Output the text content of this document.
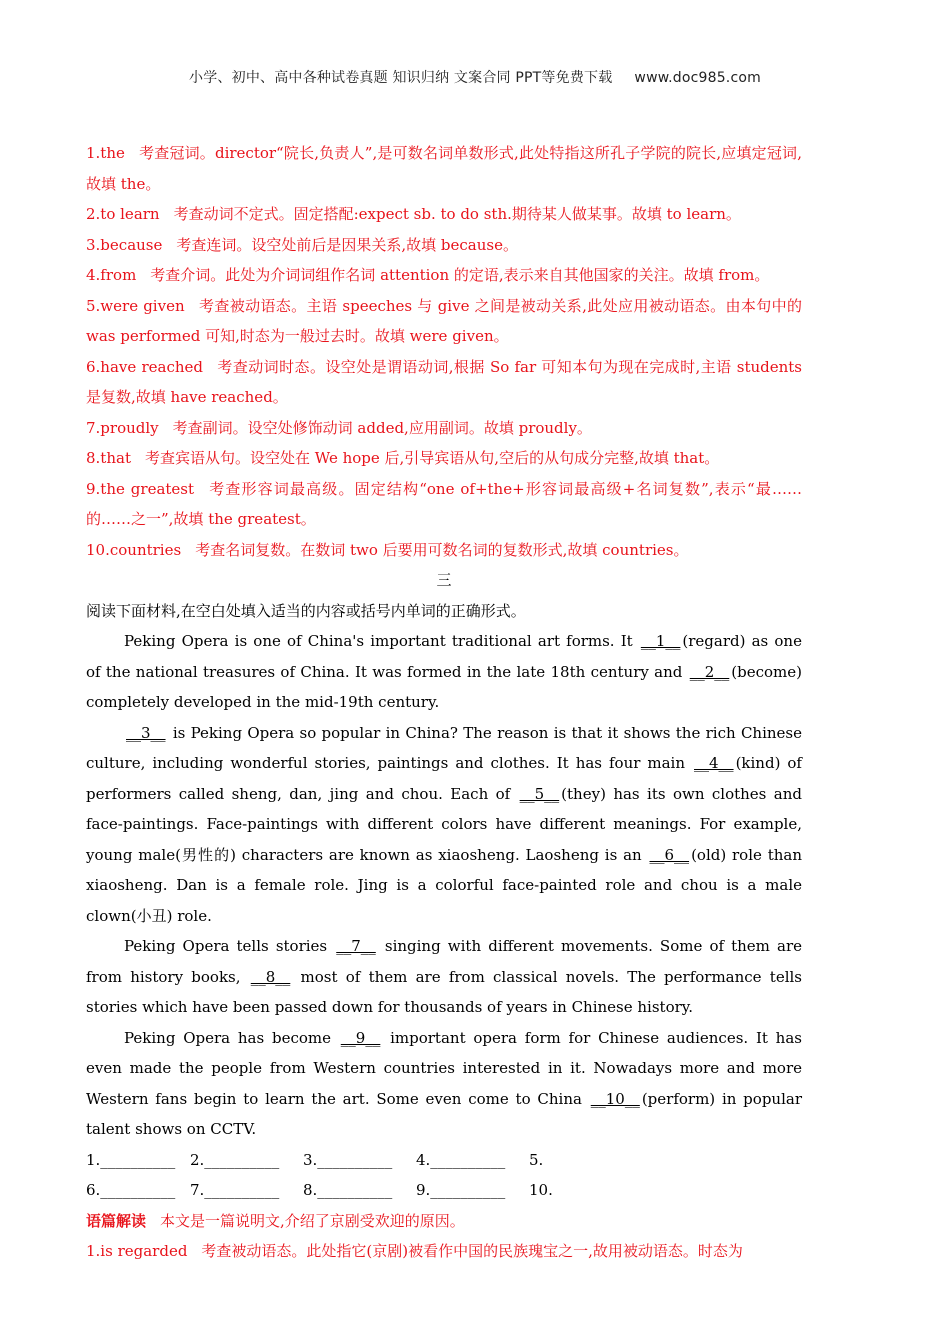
小学、初中、高中各种试卷真题 知识归纳 文案合同 PPT等免费下载 www.doc985.com

1.the 考查冠词。director“院长,负责人”,是可数名词单数形式,此处特指这所孔子学院的院长,应填定冠词,故填 the。

2.to learn 考查动词不定式。固定搭配:expect sb. to do sth.期待某人做某事。故填 to learn。

3.because 考查连词。设空处前后是因果关系,故填 because。

4.from 考查介词。此处为介词词组作名词 attention 的定语,表示来自其他国家的关注。故填 from。

5.were given 考查被动语态。主语 speeches 与 give 之间是被动关系,此处应用被动语态。由本句中的 was performed 可知,时态为一般过去时。故填 were given。

6.have reached 考查动词时态。设空处是谓语动词,根据 So far 可知本句为现在完成时,主语 students 是复数,故填 have reached。

7.proudly 考查副词。设空处修饰动词 added,应用副词。故填 proudly。

8.that 考查宾语从句。设空处在 We hope 后,引导宾语从句,空后的从句成分完整,故填 that。

9.the greatest 考查形容词最高级。固定结构“one of+the+形容词最高级+名词复数”,表示“最……的……之一”,故填 the greatest。

10.countries 考查名词复数。在数词 two 后要用可数名词的复数形式,故填 countries。

三

阅读下面材料,在空白处填入适当的内容或括号内单词的正确形式。

Peking Opera is one of China's important traditional art forms. It __1__ (regard) as one of the national treasures of China. It was formed in the late 18th century and __2__ (become) completely developed in the mid-19th century.

__3__ is Peking Opera so popular in China? The reason is that it shows the rich Chinese culture, including wonderful stories, paintings and clothes. It has four main __4__ (kind) of performers called sheng, dan, jing and chou. Each of __5__ (they) has its own clothes and face-paintings. Face-paintings with different colors have different meanings. For example, young male(男性的) characters are known as xiaosheng. Laosheng is an __6__ (old) role than xiaosheng. Dan is a female role. Jing is a colorful face-painted role and chou is a male clown(小丑) role.

Peking Opera tells stories __7__ singing with different movements. Some of them are from history books, __8__ most of them are from classical novels. The performance tells stories which have been passed down for thousands of years in Chinese history.

Peking Opera has become __9__ important opera form for Chinese audiences. It has even made the people from Western countries interested in it. Nowadays more and more Western fans begin to learn the art. Some even come to China __10__ (perform) in popular talent shows on CCTV.

1.__________ 2.__________	3.__________	4.__________	5.
6.__________ 7.__________	8.__________	9.__________	10.

语篇解读 本文是一篇说明文,介绍了京剧受欢迎的原因。

1.is regarded 考查被动语态。此处指它(京剧)被看作中国的民族瑰宝之一,故用被动语态。时态为
